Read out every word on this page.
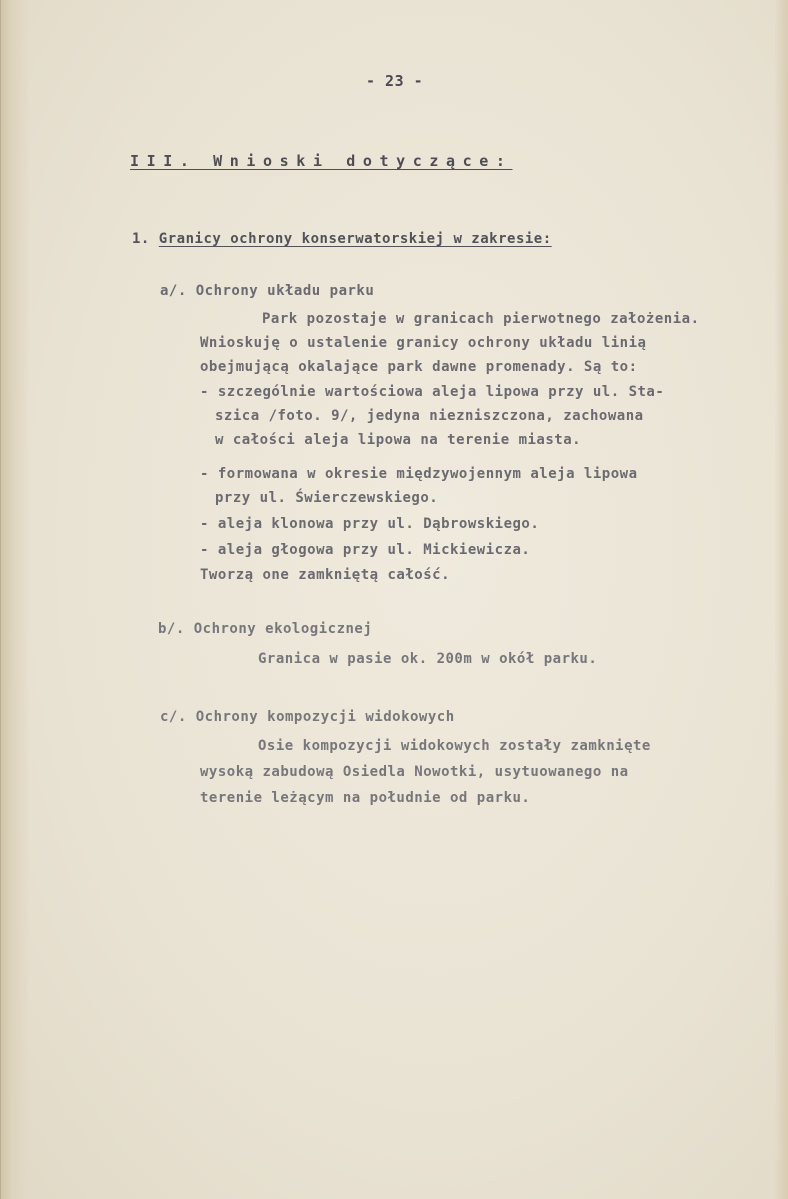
- 23 -
III. Wnioski dotyczące:
1. Granicy ochrony konserwatorskiej w zakresie:
a/. Ochrony układu parku
Park pozostaje w granicach pierwotnego założenia.
Wnioskuję o ustalenie granicy ochrony układu linią
obejmującą okalające park dawne promenady. Są to:
- szczególnie wartościowa aleja lipowa przy ul. Sta-
szica /foto. 9/, jedyna niezniszczona, zachowana
w całości aleja lipowa na terenie miasta.
- formowana w okresie międzywojennym aleja lipowa
przy ul. Świerczewskiego.
- aleja klonowa przy ul. Dąbrowskiego.
- aleja głogowa przy ul. Mickiewicza.
Tworzą one zamkniętą całość.
b/. Ochrony ekologicznej
Granica w pasie ok. 200m w okół parku.
c/. Ochrony kompozycji widokowych
Osie kompozycji widokowych zostały zamknięte
wysoką zabudową Osiedla Nowotki, usytuowanego na
terenie leżącym na południe od parku.
